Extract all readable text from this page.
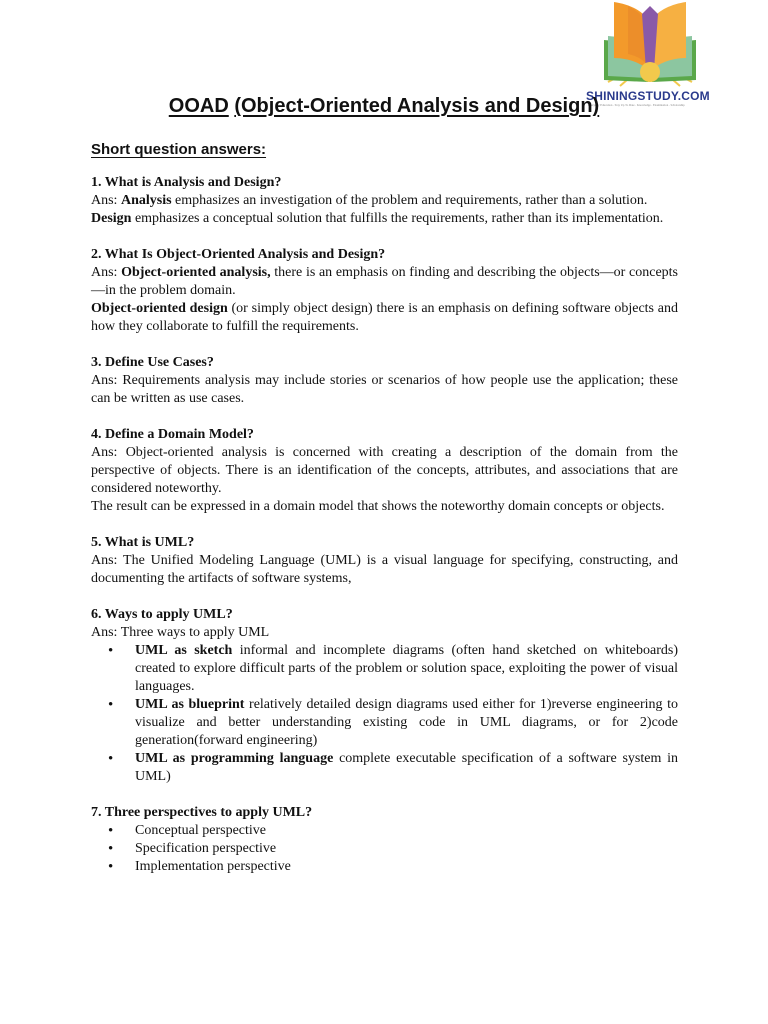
SHININGSTUDY.COM
Everyday Education . Stay Up To Date . Knowledge . Examination . Scholarship
OOAD (Object-Oriented Analysis and Design)
Short question answers:

1. What is Analysis and Design?

Ans: Analysis emphasizes an investigation of the problem and requirements, rather than a solution.

Design emphasizes a conceptual solution that fulfills the requirements, rather than its implementation.

2. What Is Object-Oriented Analysis and Design?

Ans: Object-oriented analysis, there is an emphasis on finding and describing the objects—or concepts—in the problem domain.

Object-oriented design (or simply object design) there is an emphasis on defining software objects and how they collaborate to fulfill the requirements.

3. Define Use Cases?

Ans: Requirements analysis may include stories or scenarios of how people use the application; these can be written as use cases.

4. Define a Domain Model?

Ans: Object-oriented analysis is concerned with creating a description of the domain from the perspective of objects. There is an identification of the concepts, attributes, and associations that are considered noteworthy.

The result can be expressed in a domain model that shows the noteworthy domain concepts or objects.

5. What is UML?

Ans: The Unified Modeling Language (UML) is a visual language for specifying, constructing, and documenting the artifacts of software systems,

6. Ways to apply UML?

Ans: Three ways to apply UML

• UML as sketch informal and incomplete diagrams (often hand sketched on whiteboards) created to explore difficult parts of the problem or solution space, exploiting the power of visual languages.
• UML as blueprint relatively detailed design diagrams used either for 1)reverse engineering to visualize and better understanding existing code in UML diagrams, or for 2)code generation(forward engineering)
• UML as programming language complete executable specification of a software system in UML)

7. Three perspectives to apply UML?

• Conceptual perspective
• Specification perspective
• Implementation perspective
